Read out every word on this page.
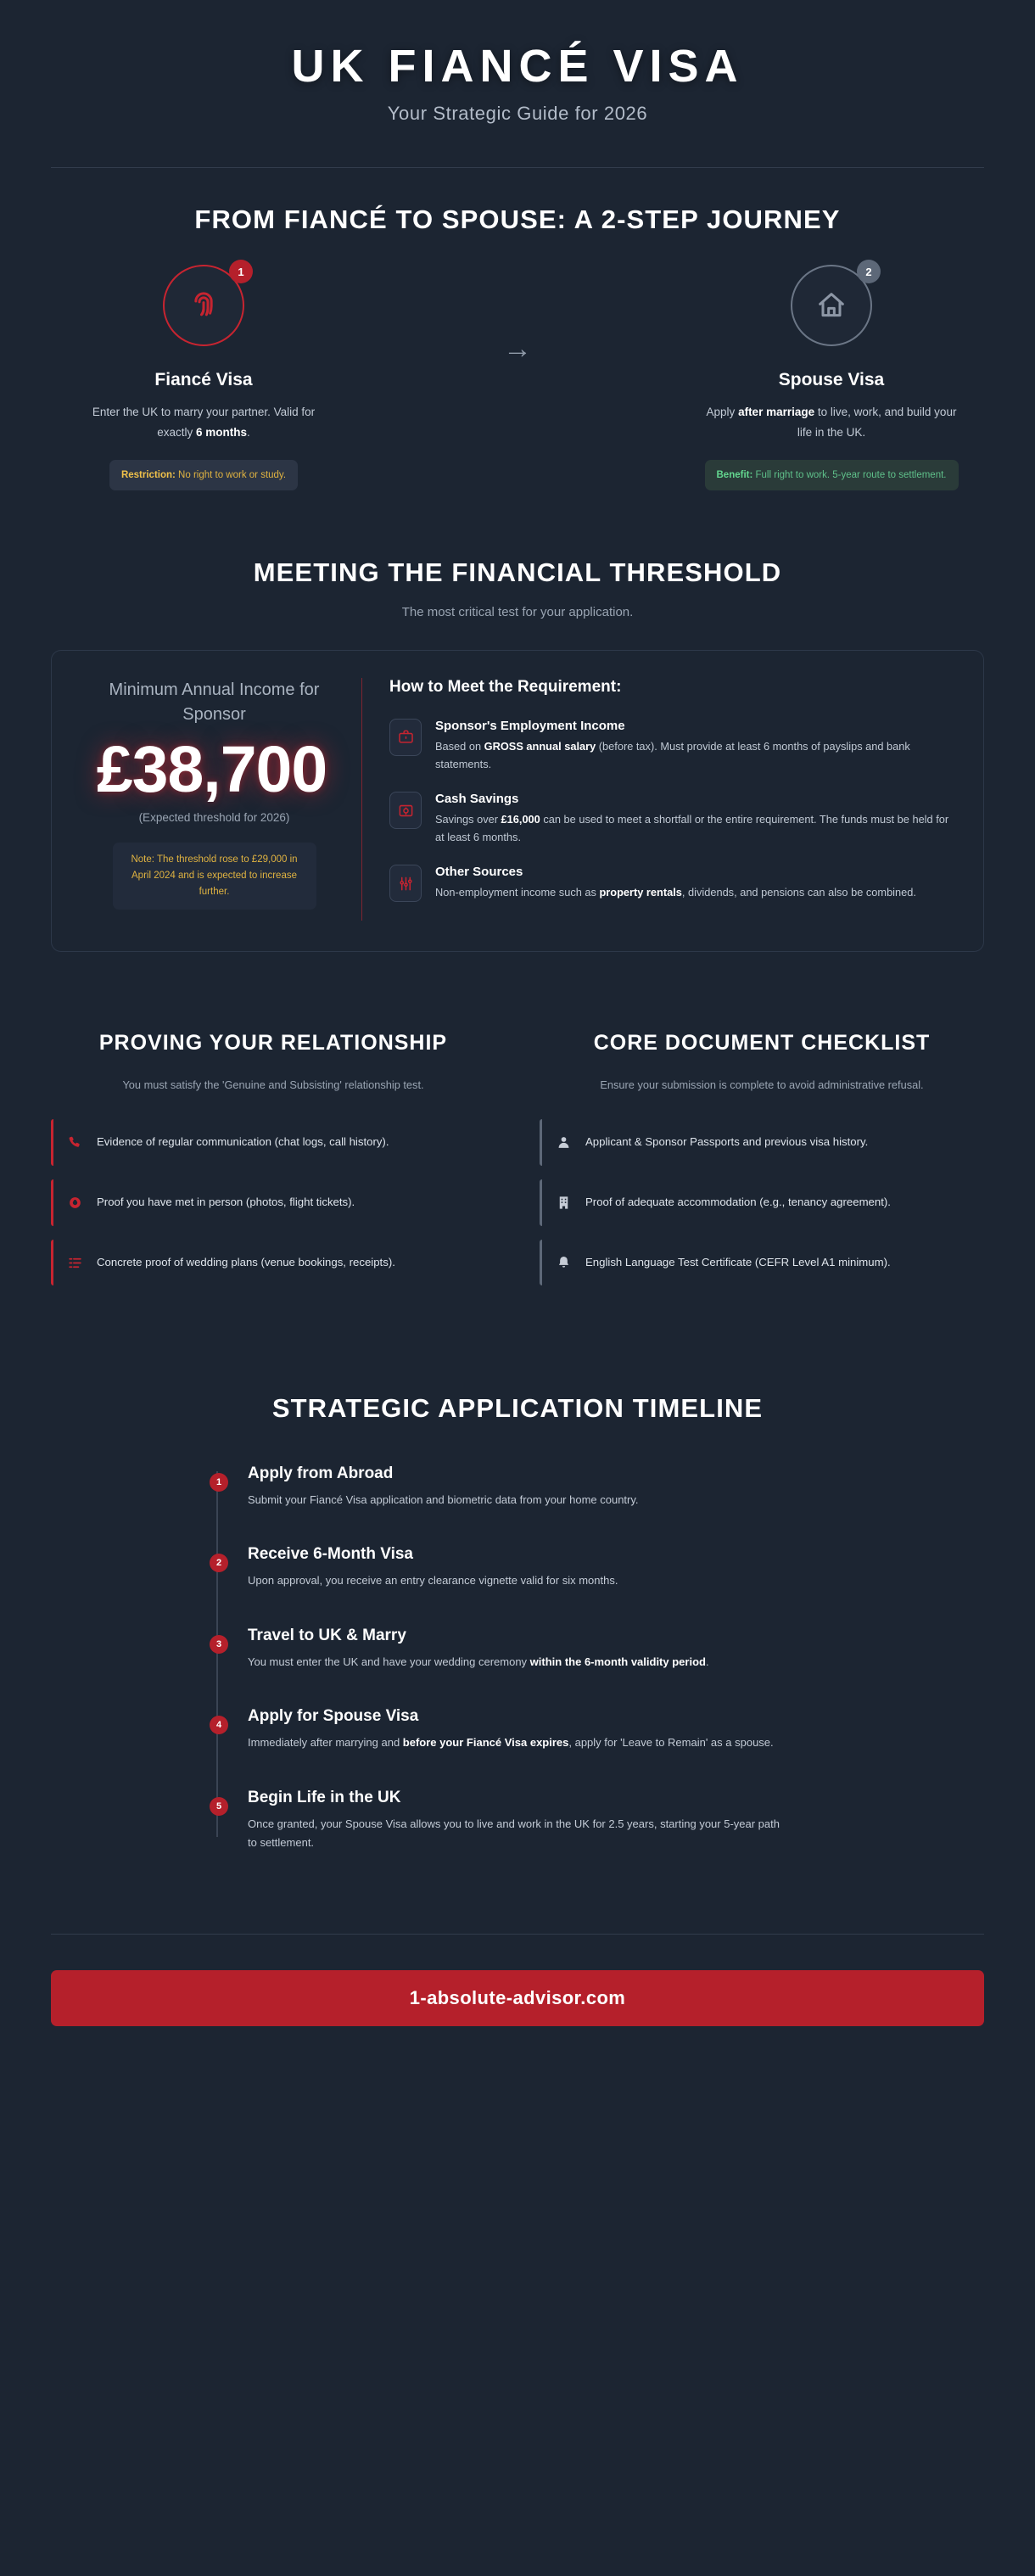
UK FIANCÉ VISA
Your Strategic Guide for 2026
FROM FIANCÉ TO SPOUSE: A 2-STEP JOURNEY
1
Fiancé Visa
Enter the UK to marry your partner. Valid for exactly 6 months.
Restriction: No right to work or study.
→
2
Spouse Visa
Apply after marriage to live, work, and build your life in the UK.
Benefit: Full right to work. 5-year route to settlement.
MEETING THE FINANCIAL THRESHOLD
The most critical test for your application.
Minimum Annual Income for Sponsor
£38,700
(Expected threshold for 2026)
Note: The threshold rose to £29,000 in April 2024 and is expected to increase further.
How to Meet the Requirement:
Sponsor's Employment Income

Based on GROSS annual salary (before tax). Must provide at least 6 months of payslips and bank statements.

Cash Savings

Savings over £16,000 can be used to meet a shortfall or the entire requirement. The funds must be held for at least 6 months.

Other Sources

Non-employment income such as property rentals, dividends, and pensions can also be combined.

PROVING YOUR RELATIONSHIP
You must satisfy the 'Genuine and Subsisting' relationship test.
Evidence of regular communication (chat logs, call history).
Proof you have met in person (photos, flight tickets).
Concrete proof of wedding plans (venue bookings, receipts).
CORE DOCUMENT CHECKLIST
Ensure your submission is complete to avoid administrative refusal.
Applicant & Sponsor Passports and previous visa history.
Proof of adequate accommodation (e.g., tenancy agreement).
English Language Test Certificate (CEFR Level A1 minimum).
STRATEGIC APPLICATION TIMELINE
1	Apply from Abroad
Submit your Fiancé Visa application and biometric data from your home country.
2	Receive 6-Month Visa
Upon approval, you receive an entry clearance vignette valid for six months.
3	Travel to UK & Marry
You must enter the UK and have your wedding ceremony within the 6-month validity period.
4	Apply for Spouse Visa
Immediately after marrying and before your Fiancé Visa expires, apply for 'Leave to Remain' as a spouse.
5	Begin Life in the UK
Once granted, your Spouse Visa allows you to live and work in the UK for 2.5 years, starting your 5-year path to settlement.
1-absolute-advisor.com
